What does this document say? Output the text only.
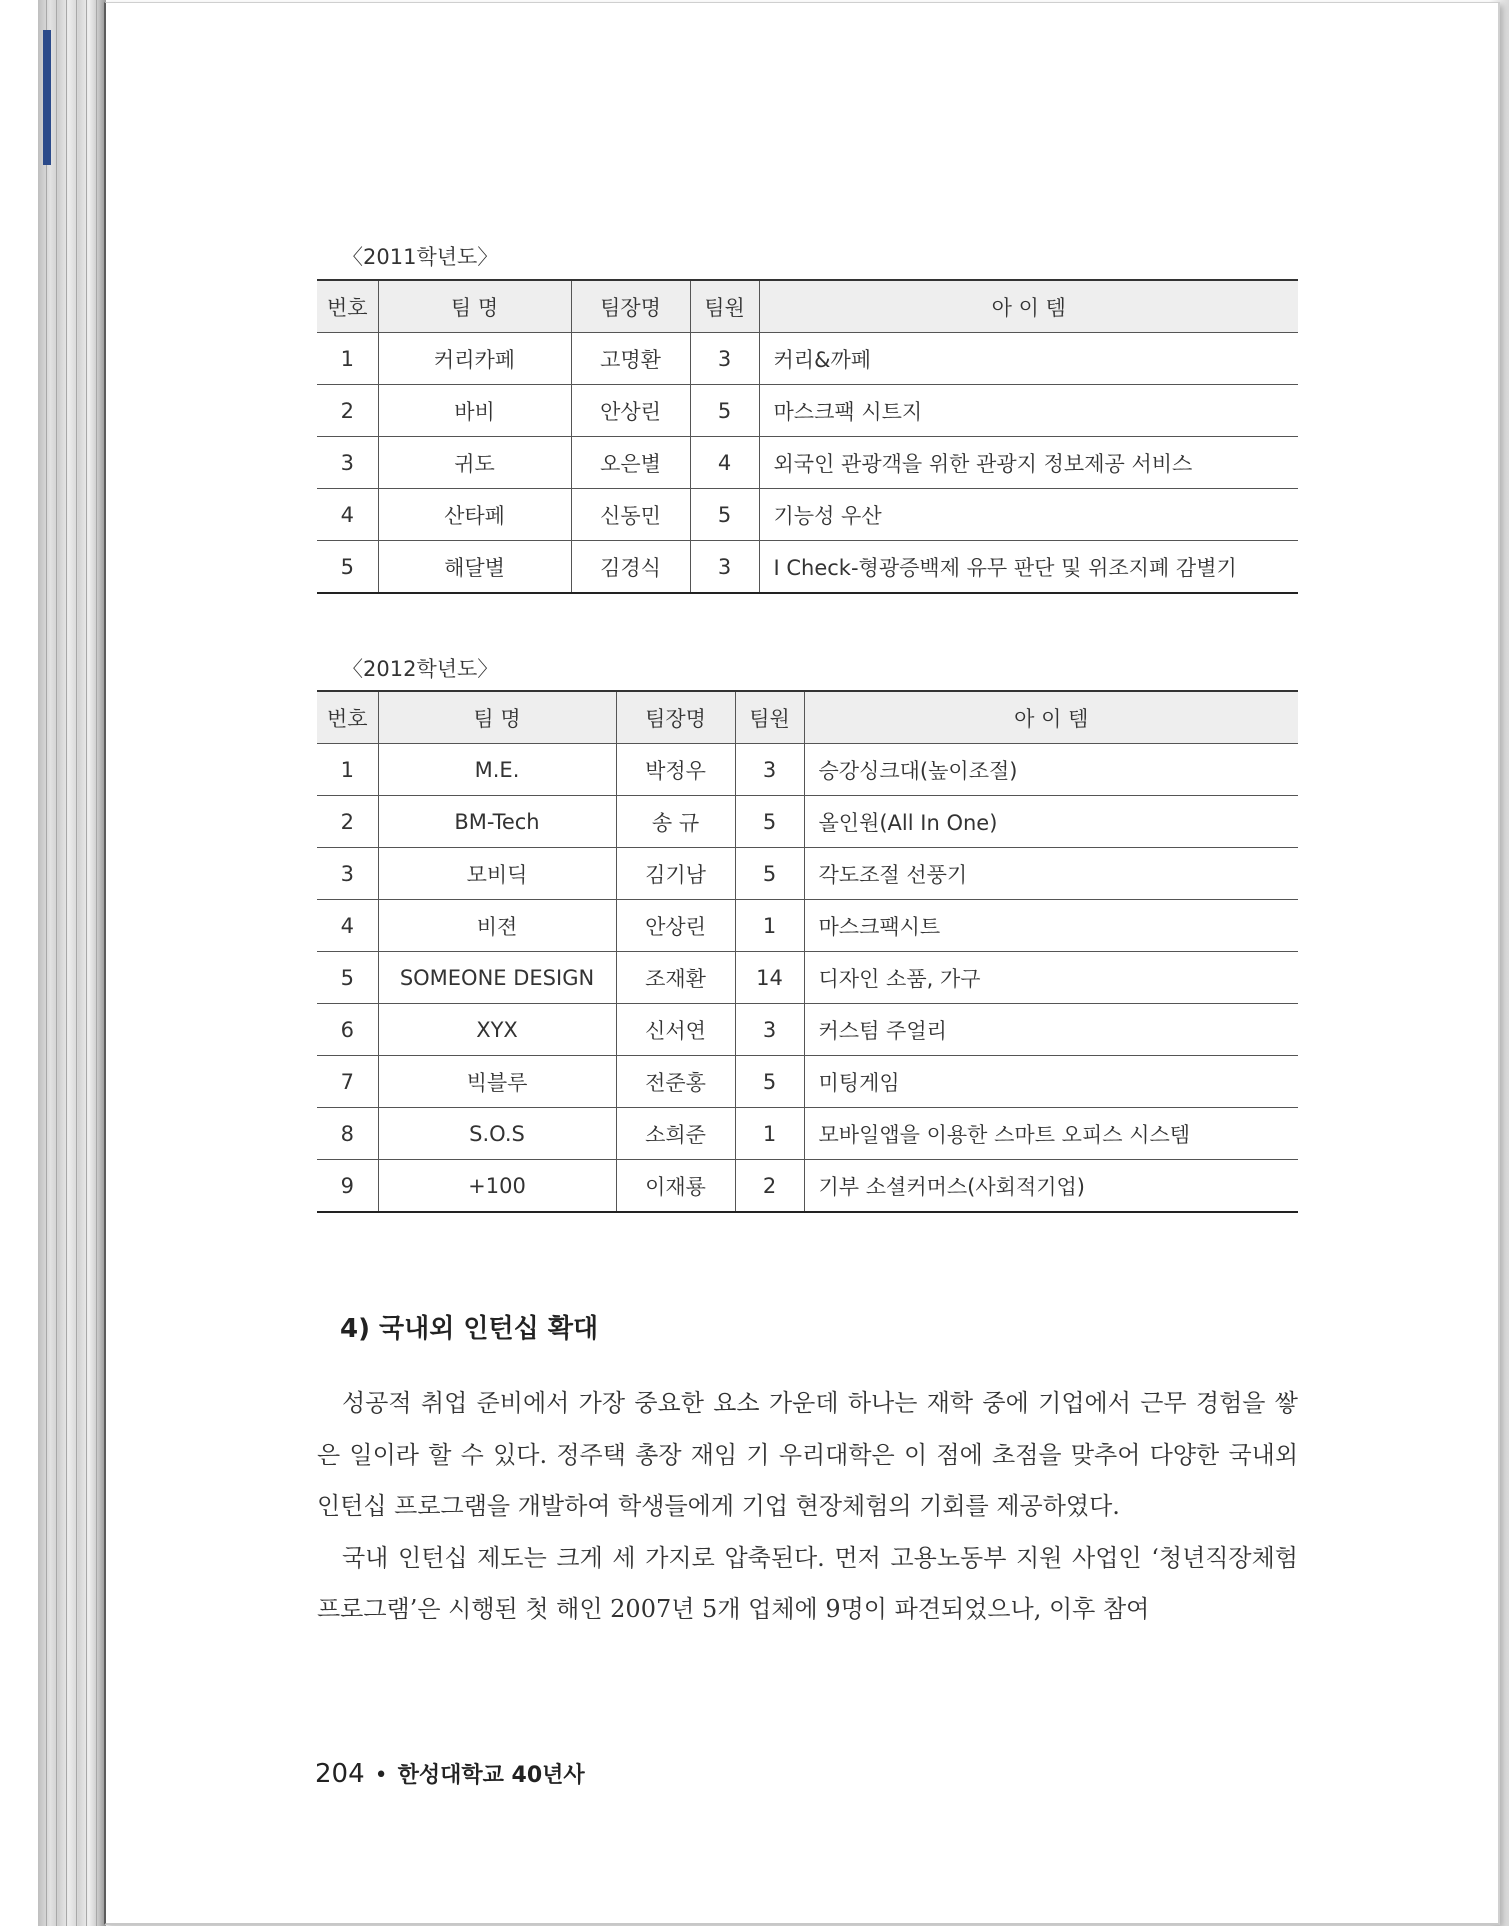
〈2011학년도〉
번호	팀 명	팀장명	팀원	아 이 템
1	커리카페	고명환	3	커리&까페
2	바비	안상린	5	마스크팩 시트지
3	귀도	오은별	4	외국인 관광객을 위한 관광지 정보제공 서비스
4	산타페	신동민	5	기능성 우산
5	해달별	김경식	3	I Check-형광증백제 유무 판단 및 위조지폐 감별기
〈2012학년도〉
번호	팀 명	팀장명	팀원	아 이 템
1	M.E.	박정우	3	승강싱크대(높이조절)
2	BM-Tech	송 규	5	올인원(All In One)
3	모비딕	김기남	5	각도조절 선풍기
4	비젼	안상린	1	마스크팩시트
5	SOMEONE DESIGN	조재환	14	디자인 소품, 가구
6	XYX	신서연	3	커스텀 주얼리
7	빅블루	전준홍	5	미팅게임
8	S.O.S	소희준	1	모바일앱을 이용한 스마트 오피스 시스템
9	+100	이재룡	2	기부 소셜커머스(사회적기업)
4) 국내외 인턴십 확대

성공적 취업 준비에서 가장 중요한 요소 가운데 하나는 재학 중에 기업에서 근무 경험을 쌓은 일이라 할 수 있다. 정주택 총장 재임 기 우리대학은 이 점에 초점을 맞추어 다양한 국내외 인턴십 프로그램을 개발하여 학생들에게 기업 현장체험의 기회를 제공하였다.

국내 인턴십 제도는 크게 세 가지로 압축된다. 먼저 고용노동부 지원 사업인 ‘청년직장체험 프로그램’은 시행된 첫 해인 2007년 5개 업체에 9명이 파견되었으나, 이후 참여

204 • 한성대학교 40년사
